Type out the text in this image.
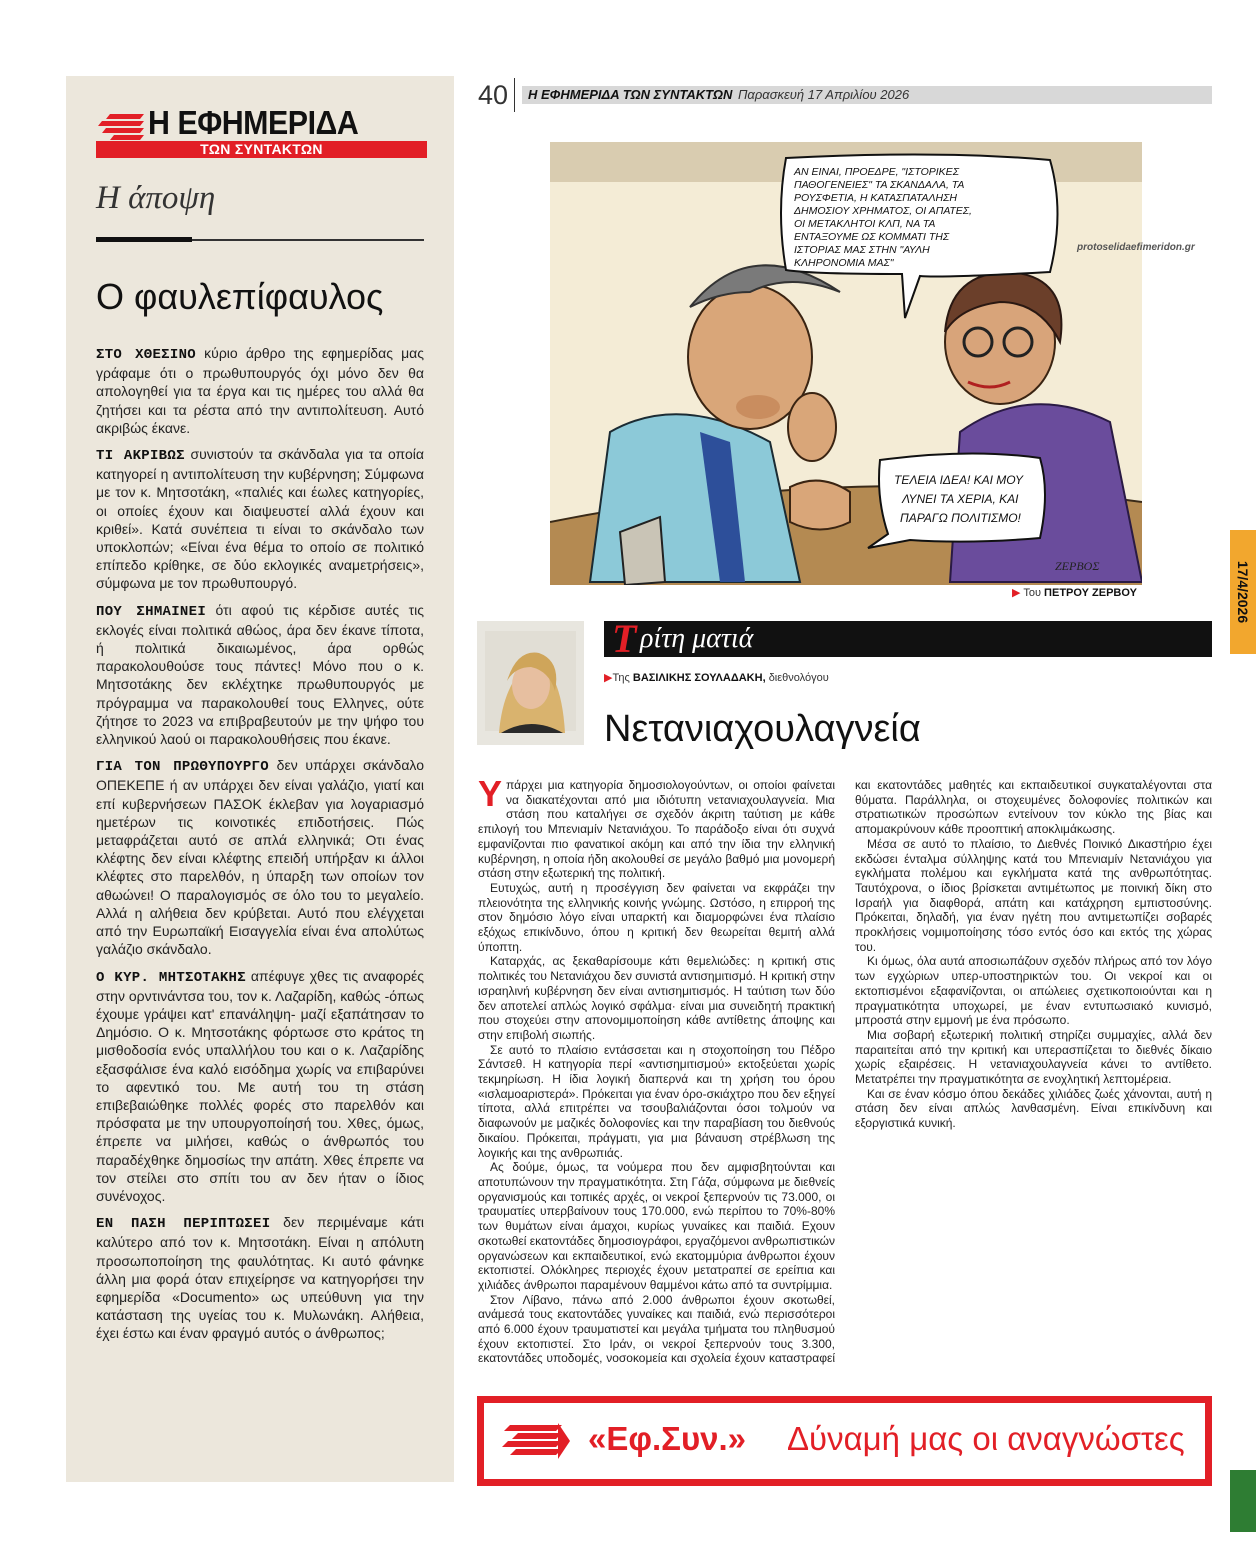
Η ΕΦΗΜΕΡΙΔΑ
ΤΩΝ ΣΥΝΤΑΚΤΩΝ
Η άποψη
Ο φαυλεπίφαυλος

ΣΤΟ ΧΘΕΣΙΝΟ κύριο άρθρο της εφημερίδας μας γράφαμε ότι ο πρωθυπουργός όχι μόνο δεν θα απολογηθεί για τα έργα και τις ημέρες του αλλά θα ζητήσει και τα ρέστα από την αντιπολίτευση. Αυτό ακριβώς έκανε.

ΤΙ ΑΚΡΙΒΩΣ συνιστούν τα σκάνδαλα για τα οποία κατηγορεί η αντιπολίτευση την κυβέρνηση; Σύμφωνα με τον κ. Μητσοτάκη, «παλιές και έωλες κατηγορίες, οι οποίες έχουν και διαψευστεί αλλά έχουν και κριθεί». Κατά συνέπεια τι είναι το σκάνδαλο των υποκλοπών; «Είναι ένα θέμα το οποίο σε πολιτικό επίπεδο κρίθηκε, σε δύο εκλογικές αναμετρήσεις», σύμφωνα με τον πρωθυπουργό.

ΠΟΥ ΣΗΜΑΙΝΕΙ ότι αφού τις κέρδισε αυτές τις εκλογές είναι πολιτικά αθώος, άρα δεν έκανε τίποτα, ή πολιτικά δικαιωμένος, άρα ορθώς παρακολουθούσε τους πάντες! Μόνο που ο κ. Μητσοτάκης δεν εκλέχτηκε πρωθυπουργός με πρόγραμμα να παρακολουθεί τους Ελληνες, ούτε ζήτησε το 2023 να επιβραβευτούν με την ψήφο του ελληνικού λαού οι παρακολουθήσεις που έκανε.

ΓΙΑ ΤΟΝ ΠΡΩΘΥΠΟΥΡΓΟ δεν υπάρχει σκάνδαλο ΟΠΕΚΕΠΕ ή αν υπάρχει δεν είναι γαλάζιο, γιατί και επί κυβερνήσεων ΠΑΣΟΚ έκλεβαν για λογαριασμό ημετέρων τις κοινοτικές επιδοτήσεις. Πώς μεταφράζεται αυτό σε απλά ελληνικά; Οτι ένας κλέφτης δεν είναι κλέφτης επειδή υπήρξαν κι άλλοι κλέφτες στο παρελθόν, η ύπαρξη των οποίων τον αθωώνει! Ο παραλογισμός σε όλο του το μεγαλείο. Αλλά η αλήθεια δεν κρύβεται. Αυτό που ελέγχεται από την Ευρωπαϊκή Εισαγγελία είναι ένα απολύτως γαλάζιο σκάνδαλο.

Ο ΚΥΡ. ΜΗΤΣΟΤΑΚΗΣ απέφυγε χθες τις αναφορές στην ορντινάντσα του, τον κ. Λαζαρίδη, καθώς -όπως έχουμε γράψει κατ' επανάληψη- μαζί εξαπάτησαν το Δημόσιο. Ο κ. Μητσοτάκης φόρτωσε στο κράτος τη μισθοδοσία ενός υπαλλήλου του και ο κ. Λαζαρίδης εξασφάλισε ένα καλό εισόδημα χωρίς να επιβαρύνει το αφεντικό του. Με αυτή του τη στάση επιβεβαιώθηκε πολλές φορές στο παρελθόν και πρόσφατα με την υπουργοποίησή του. Χθες, όμως, έπρεπε να μιλήσει, καθώς ο άνθρωπός του παραδέχθηκε δημοσίως την απάτη. Χθες έπρεπε να τον στείλει στο σπίτι του αν δεν ήταν ο ίδιος συνένοχος.

ΕΝ ΠΑΣΗ ΠΕΡΙΠΤΩΣΕΙ δεν περιμέναμε κάτι καλύτερο από τον κ. Μητσοτάκη. Είναι η απόλυτη προσωποποίηση της φαυλότητας. Κι αυτό φάνηκε άλλη μια φορά όταν επιχείρησε να κατηγορήσει την εφημερίδα «Documento» ως υπεύθυνη για την κατάσταση της υγείας του κ. Μυλωνάκη. Αλήθεια, έχει έστω και έναν φραγμό αυτός ο άνθρωπος;

40 Η ΕΦΗΜΕΡΙΔΑ ΤΩΝ ΣΥΝΤΑΚΤΩΝ Παρασκευή 17 Απριλίου 2026
ΑΝ ΕΙΝΑΙ, ΠΡΟΕΔΡΕ, "ΙΣΤΟΡΙΚΕΣ
ΠΑΘΟΓΕΝΕΙΕΣ" ΤΑ ΣΚΑΝΔΑΛΑ, ΤΑ
ΡΟΥΣΦΕΤΙΑ, Η ΚΑΤΑΣΠΑΤΑΛΗΣΗ
ΔΗΜΟΣΙΟΥ ΧΡΗΜΑΤΟΣ, ΟΙ ΑΠΑΤΕΣ,
ΟΙ ΜΕΤΑΚΛΗΤΟΙ ΚΛΠ, ΝΑ ΤΑ
ΕΝΤΑΞΟΥΜΕ ΩΣ ΚΟΜΜΑΤΙ ΤΗΣ
ΙΣΤΟΡΙΑΣ ΜΑΣ ΣΤΗΝ "ΑΥΛΗ
ΚΛΗΡΟΝΟΜΙΑ ΜΑΣ"
ΤΕΛΕΙΑ ΙΔΕΑ! ΚΑΙ ΜΟΥ
ΛΥΝΕΙ ΤΑ ΧΕΡΙΑ, ΚΑΙ
ΠΑΡΑΓΩ ΠΟΛΙΤΙΣΜΟ!
ΖΕΡΒΟΣ
protoselidaefimeridon.gr
▶ Του ΠΕΤΡΟΥ ΖΕΡΒΟΥ	17/4/2026
Τ ρίτη ματιά
▶Της ΒΑΣΙΛΙΚΗΣ ΣΟΥΛΑΔΑΚΗ, διεθνολόγου
Νετανιαχουλαγνεία

Υπάρχει μια κατηγορία δημοσιολογούντων, οι οποίοι φαίνεται να διακατέχονται από μια ιδιότυπη νετανιαχουλαγνεία. Μια στάση που καταλήγει σε σχεδόν άκριτη ταύτιση με κάθε επιλογή του Μπενιαμίν Νετανιάχου. Το παράδοξο είναι ότι συχνά εμφανίζονται πιο φανατικοί ακόμη και από την ίδια την ελληνική κυβέρνηση, η οποία ήδη ακολουθεί σε μεγάλο βαθμό μια μονομερή στάση στην εξωτερική της πολιτική.

Ευτυχώς, αυτή η προσέγγιση δεν φαίνεται να εκφράζει την πλειονότητα της ελληνικής κοινής γνώμης. Ωστόσο, η επιρροή της στον δημόσιο λόγο είναι υπαρκτή και διαμορφώνει ένα πλαίσιο εξόχως επικίνδυνο, όπου η κριτική δεν θεωρείται θεμιτή αλλά ύποπτη.

Καταρχάς, ας ξεκαθαρίσουμε κάτι θεμελιώδες: η κριτική στις πολιτικές του Νετανιάχου δεν συνιστά αντισημιτισμό. Η κριτική στην ισραηλινή κυβέρνηση δεν είναι αντισημιτισμός. Η ταύτιση των δύο δεν αποτελεί απλώς λογικό σφάλμα· είναι μια συνειδητή πρακτική που στοχεύει στην απονομιμοποίηση κάθε αντίθετης άποψης και στην επιβολή σιωπής.

Σε αυτό το πλαίσιο εντάσσεται και η στοχοποίηση του Πέδρο Σάντσεθ. Η κατηγορία περί «αντισημιτισμού» εκτοξεύεται χωρίς τεκμηρίωση. Η ίδια λογική διαπερνά και τη χρήση του όρου «ισλαμοαριστερά». Πρόκειται για έναν όρο-σκιάχτρο που δεν εξηγεί τίποτα, αλλά επιτρέπει να τσουβαλιάζονται όσοι τολμούν να διαφωνούν με μαζικές δολοφονίες και την παραβίαση του διεθνούς δικαίου. Πρόκειται, πράγματι, για μια βάναυση στρέβλωση της λογικής και της ανθρωπιάς.

Ας δούμε, όμως, τα νούμερα που δεν αμφισβητούνται και αποτυπώνουν την πραγματικότητα. Στη Γάζα, σύμφωνα με διεθνείς οργανισμούς και τοπικές αρχές, οι νεκροί ξεπερνούν τις 73.000, οι τραυματίες υπερβαίνουν τους 170.000, ενώ περίπου το 70%-80% των θυμάτων είναι άμαχοι, κυρίως γυναίκες και παιδιά. Εχουν σκοτωθεί εκατοντάδες δημοσιογράφοι, εργαζόμενοι ανθρωπιστικών οργανώσεων και εκπαιδευτικοί, ενώ εκατομμύρια άνθρωποι έχουν εκτοπιστεί. Ολόκληρες περιοχές έχουν μετατραπεί σε ερείπια και χιλιάδες άνθρωποι παραμένουν θαμμένοι κάτω από τα συντρίμμια.

Στον Λίβανο, πάνω από 2.000 άνθρωποι έχουν σκοτωθεί, ανάμεσά τους εκατοντάδες γυναίκες και παιδιά, ενώ περισσότεροι από 6.000 έχουν τραυματιστεί και μεγάλα τμήματα του πληθυσμού έχουν εκτοπιστεί. Στο Ιράν, οι νεκροί ξεπερνούν τους 3.300, εκατοντάδες υποδομές, νοσοκομεία και σχολεία έχουν καταστραφεί και εκατοντάδες μαθητές και εκπαιδευτικοί συγκαταλέγονται στα θύματα. Παράλληλα, οι στοχευμένες δολοφονίες πολιτικών και στρατιωτικών προσώπων εντείνουν τον κύκλο της βίας και απομακρύνουν κάθε προοπτική αποκλιμάκωσης.

Μέσα σε αυτό το πλαίσιο, το Διεθνές Ποινικό Δικαστήριο έχει εκδώσει ένταλμα σύλληψης κατά του Μπενιαμίν Νετανιάχου για εγκλήματα πολέμου και εγκλήματα κατά της ανθρωπότητας. Ταυτόχρονα, ο ίδιος βρίσκεται αντιμέτωπος με ποινική δίκη στο Ισραήλ για διαφθορά, απάτη και κατάχρηση εμπιστοσύνης. Πρόκειται, δηλαδή, για έναν ηγέτη που αντιμετωπίζει σοβαρές προκλήσεις νομιμοποίησης τόσο εντός όσο και εκτός της χώρας του.

Κι όμως, όλα αυτά αποσιωπάζουν σχεδόν πλήρως από τον λόγο των εγχώριων υπερ-υποστηρικτών του. Οι νεκροί και οι εκτοπισμένοι εξαφανίζονται, οι απώλειες σχετικοποιούνται και η πραγματικότητα υποχωρεί, με έναν εντυπωσιακό κυνισμό, μπροστά στην εμμονή με ένα πρόσωπο.

Μια σοβαρή εξωτερική πολιτική στηρίζει συμμαχίες, αλλά δεν παραιτείται από την κριτική και υπερασπίζεται το διεθνές δίκαιο χωρίς εξαιρέσεις. Η νετανιαχουλαγνεία κάνει το αντίθετο. Μετατρέπει την πραγματικότητα σε ενοχλητική λεπτομέρεια.

Και σε έναν κόσμο όπου δεκάδες χιλιάδες ζωές χάνονται, αυτή η στάση δεν είναι απλώς λανθασμένη. Είναι επικίνδυνη και εξοργιστικά κυνική.

«Εφ.Συν.» Δύναμή μας οι αναγνώστες
